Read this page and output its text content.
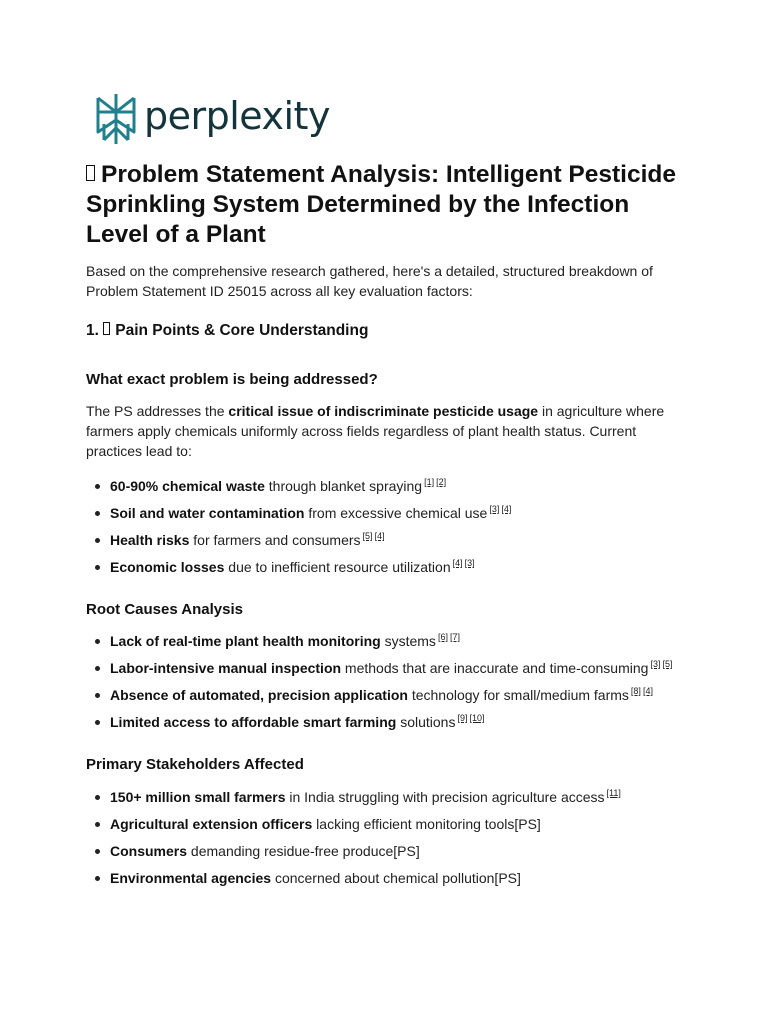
perplexity
Problem Statement Analysis: Intelligent Pesticide Sprinkling System Determined by the Infection Level of a Plant

Based on the comprehensive research gathered, here's a detailed, structured breakdown of Problem Statement ID 25015 across all key evaluation factors:

1. Pain Points & Core Understanding
What exact problem is being addressed?

The PS addresses the critical issue of indiscriminate pesticide usage in agriculture where farmers apply chemicals uniformly across fields regardless of plant health status. Current practices lead to:

60-90% chemical waste through blanket spraying [1] [2]
Soil and water contamination from excessive chemical use [3] [4]
Health risks for farmers and consumers [5] [4]
Economic losses due to inefficient resource utilization [4] [3]
Root Causes Analysis
Lack of real-time plant health monitoring systems [6] [7]
Labor-intensive manual inspection methods that are inaccurate and time-consuming [3] [5]
Absence of automated, precision application technology for small/medium farms [8] [4]
Limited access to affordable smart farming solutions [9] [10]
Primary Stakeholders Affected
150+ million small farmers in India struggling with precision agriculture access [11]
Agricultural extension officers lacking efficient monitoring tools[PS]
Consumers demanding residue-free produce[PS]
Environmental agencies concerned about chemical pollution[PS]
